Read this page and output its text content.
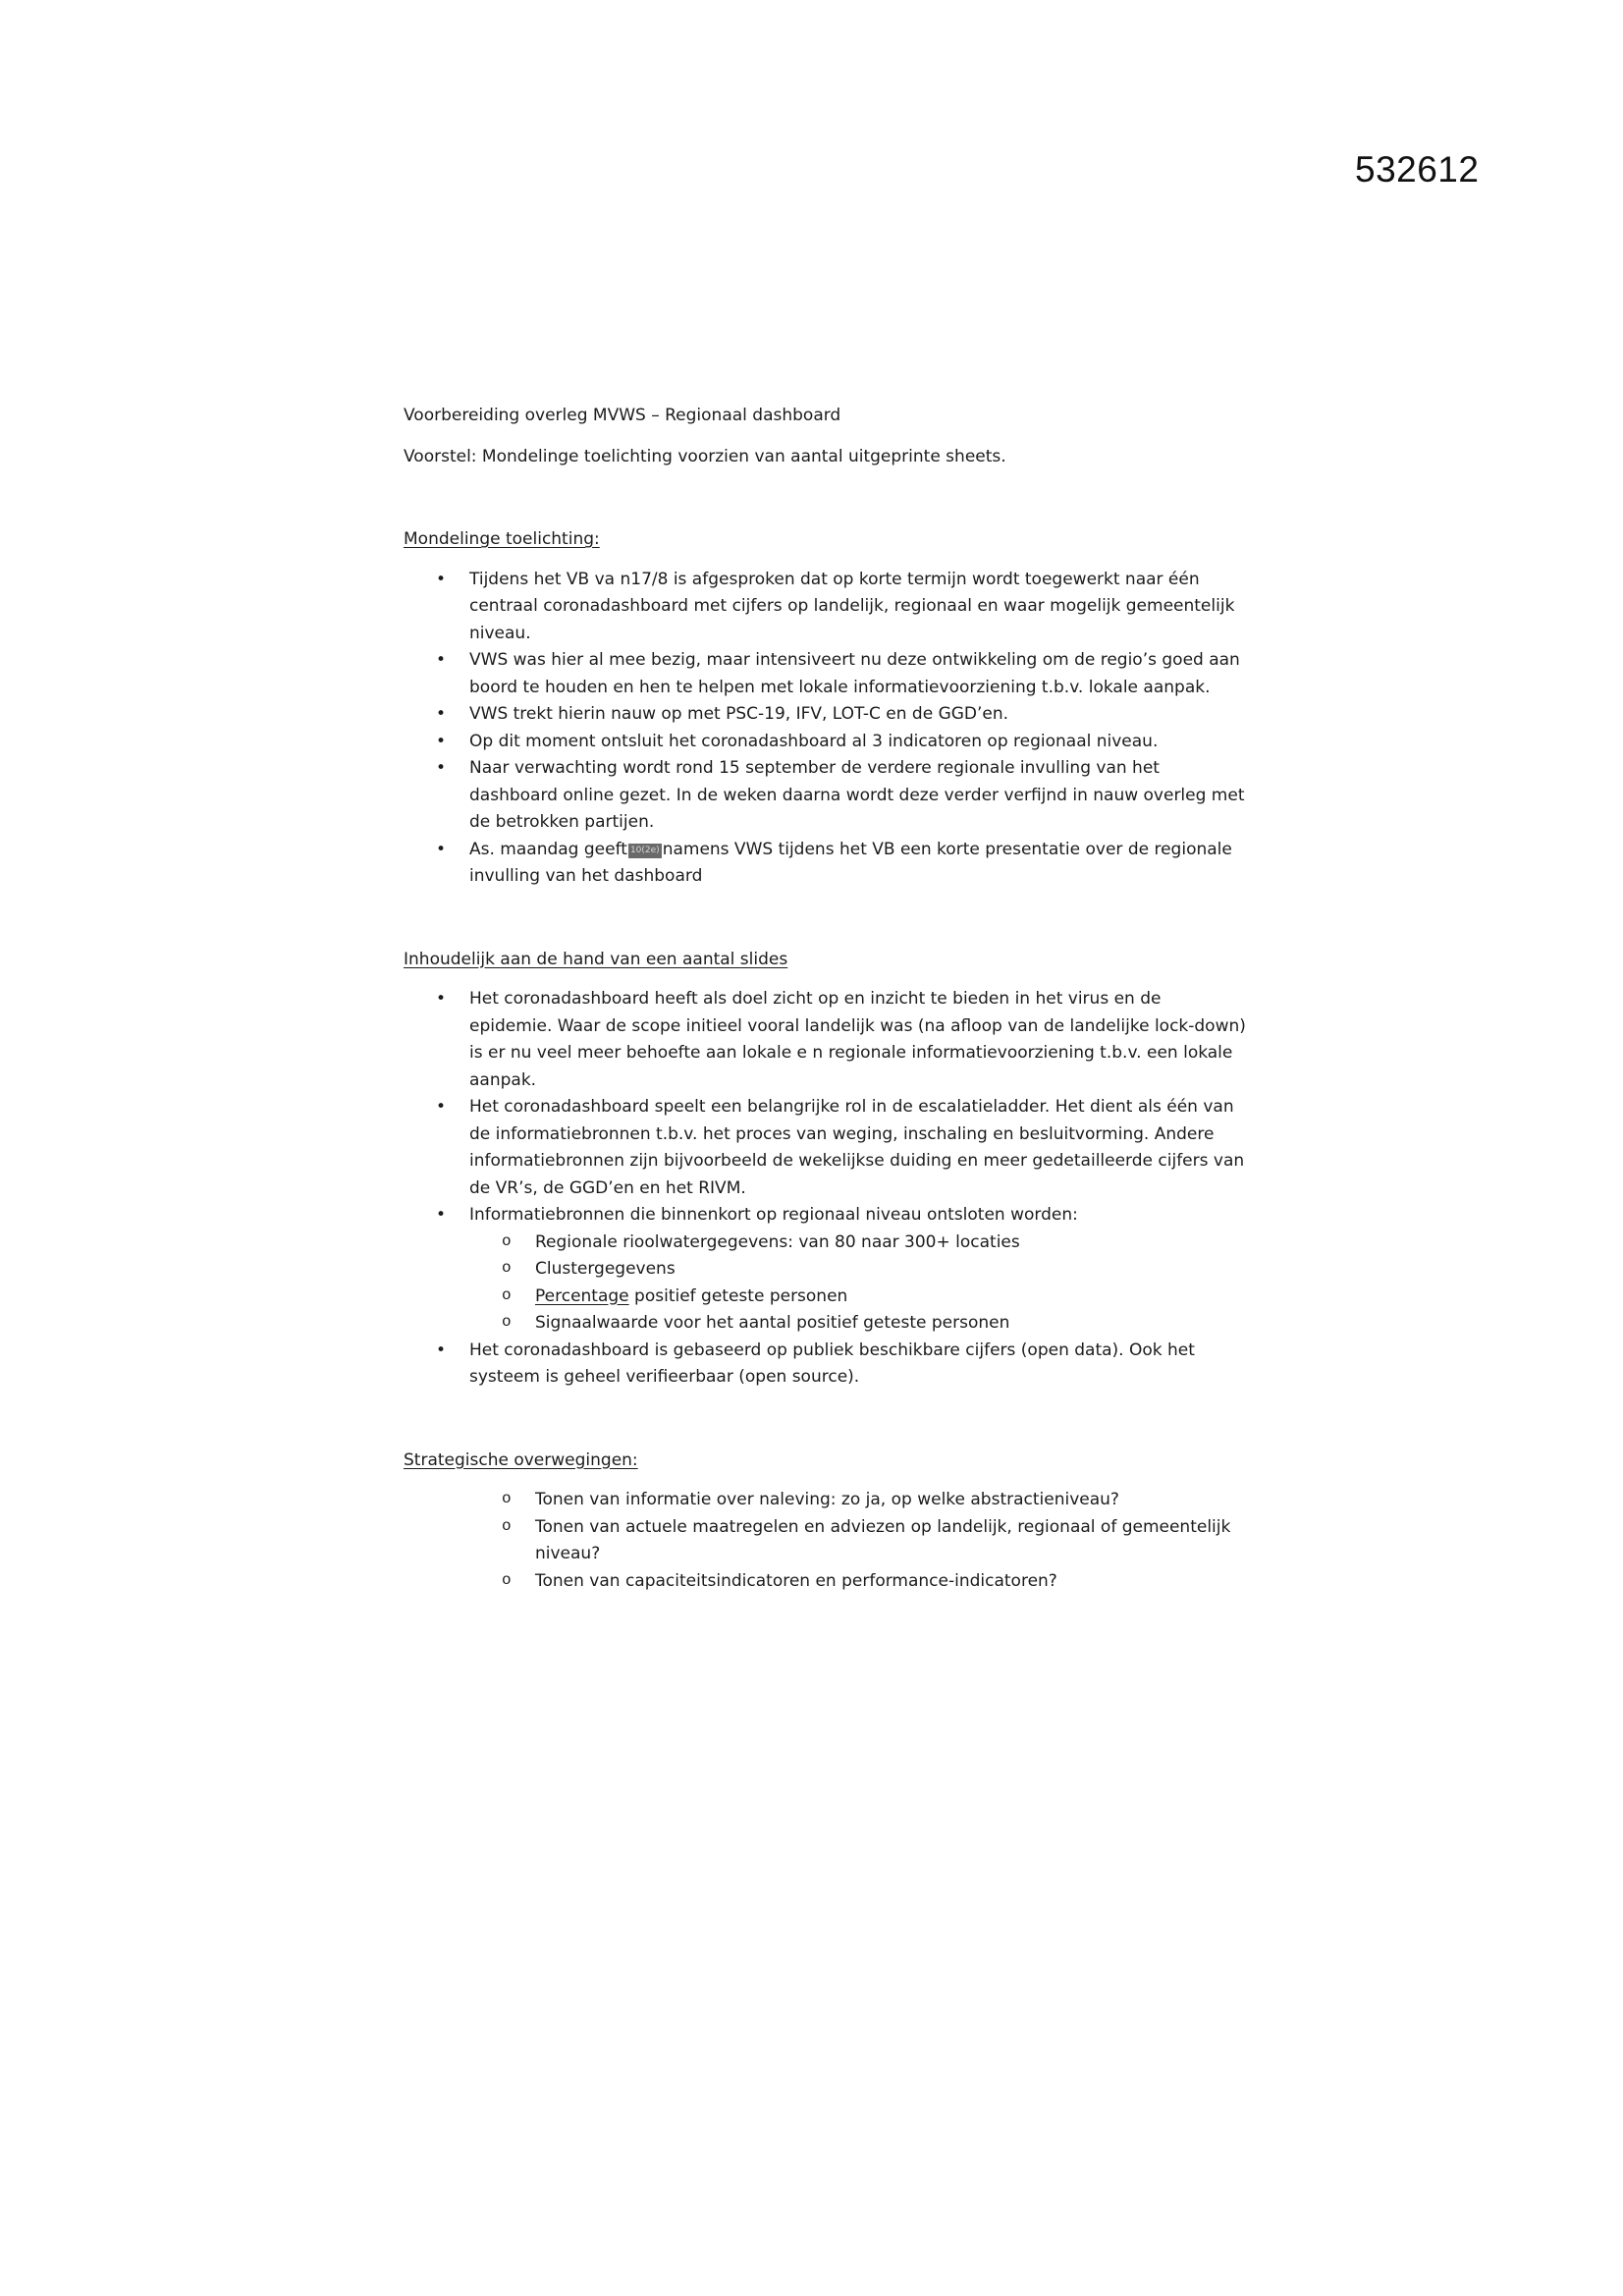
532612

Voorbereiding overleg MVWS – Regionaal dashboard

Voorstel: Mondelinge toelichting voorzien van aantal uitgeprinte sheets.

Mondelinge toelichting:

• Tijdens het VB va n17/8 is afgesproken dat op korte termijn wordt toegewerkt naar één centraal coronadashboard met cijfers op landelijk, regionaal en waar mogelijk gemeentelijk niveau.
• VWS was hier al mee bezig, maar intensiveert nu deze ontwikkeling om de regio’s goed aan boord te houden en hen te helpen met lokale informatievoorziening t.b.v. lokale aanpak.
• VWS trekt hierin nauw op met PSC-19, IFV, LOT-C en de GGD’en.
• Op dit moment ontsluit het coronadashboard al 3 indicatoren op regionaal niveau.
• Naar verwachting wordt rond 15 september de verdere regionale invulling van het dashboard online gezet. In de weken daarna wordt deze verder verfijnd in nauw overleg met de betrokken partijen.
• As. maandag geeft 10(2e) namens VWS tijdens het VB een korte presentatie over de regionale invulling van het dashboard

Inhoudelijk aan de hand van een aantal slides

• Het coronadashboard heeft als doel zicht op en inzicht te bieden in het virus en de epidemie. Waar de scope initieel vooral landelijk was (na afloop van de landelijke lock-down) is er nu veel meer behoefte aan lokale e n regionale informatievoorziening t.b.v. een lokale aanpak.
• Het coronadashboard speelt een belangrijke rol in de escalatieladder. Het dient als één van de informatiebronnen t.b.v. het proces van weging, inschaling en besluitvorming. Andere informatiebronnen zijn bijvoorbeeld de wekelijkse duiding en meer gedetailleerde cijfers van de VR’s, de GGD’en en het RIVM.
• Informatiebronnen die binnenkort op regionaal niveau ontsloten worden:
o Regionale rioolwatergegevens: van 80 naar 300+ locaties
o Clustergegevens
o Percentage positief geteste personen
o Signaalwaarde voor het aantal positief geteste personen
• Het coronadashboard is gebaseerd op publiek beschikbare cijfers (open data). Ook het systeem is geheel verifieerbaar (open source).

Strategische overwegingen:

o Tonen van informatie over naleving: zo ja, op welke abstractieniveau?
o Tonen van actuele maatregelen en adviezen op landelijk, regionaal of gemeentelijk niveau?
o Tonen van capaciteitsindicatoren en performance-indicatoren?
